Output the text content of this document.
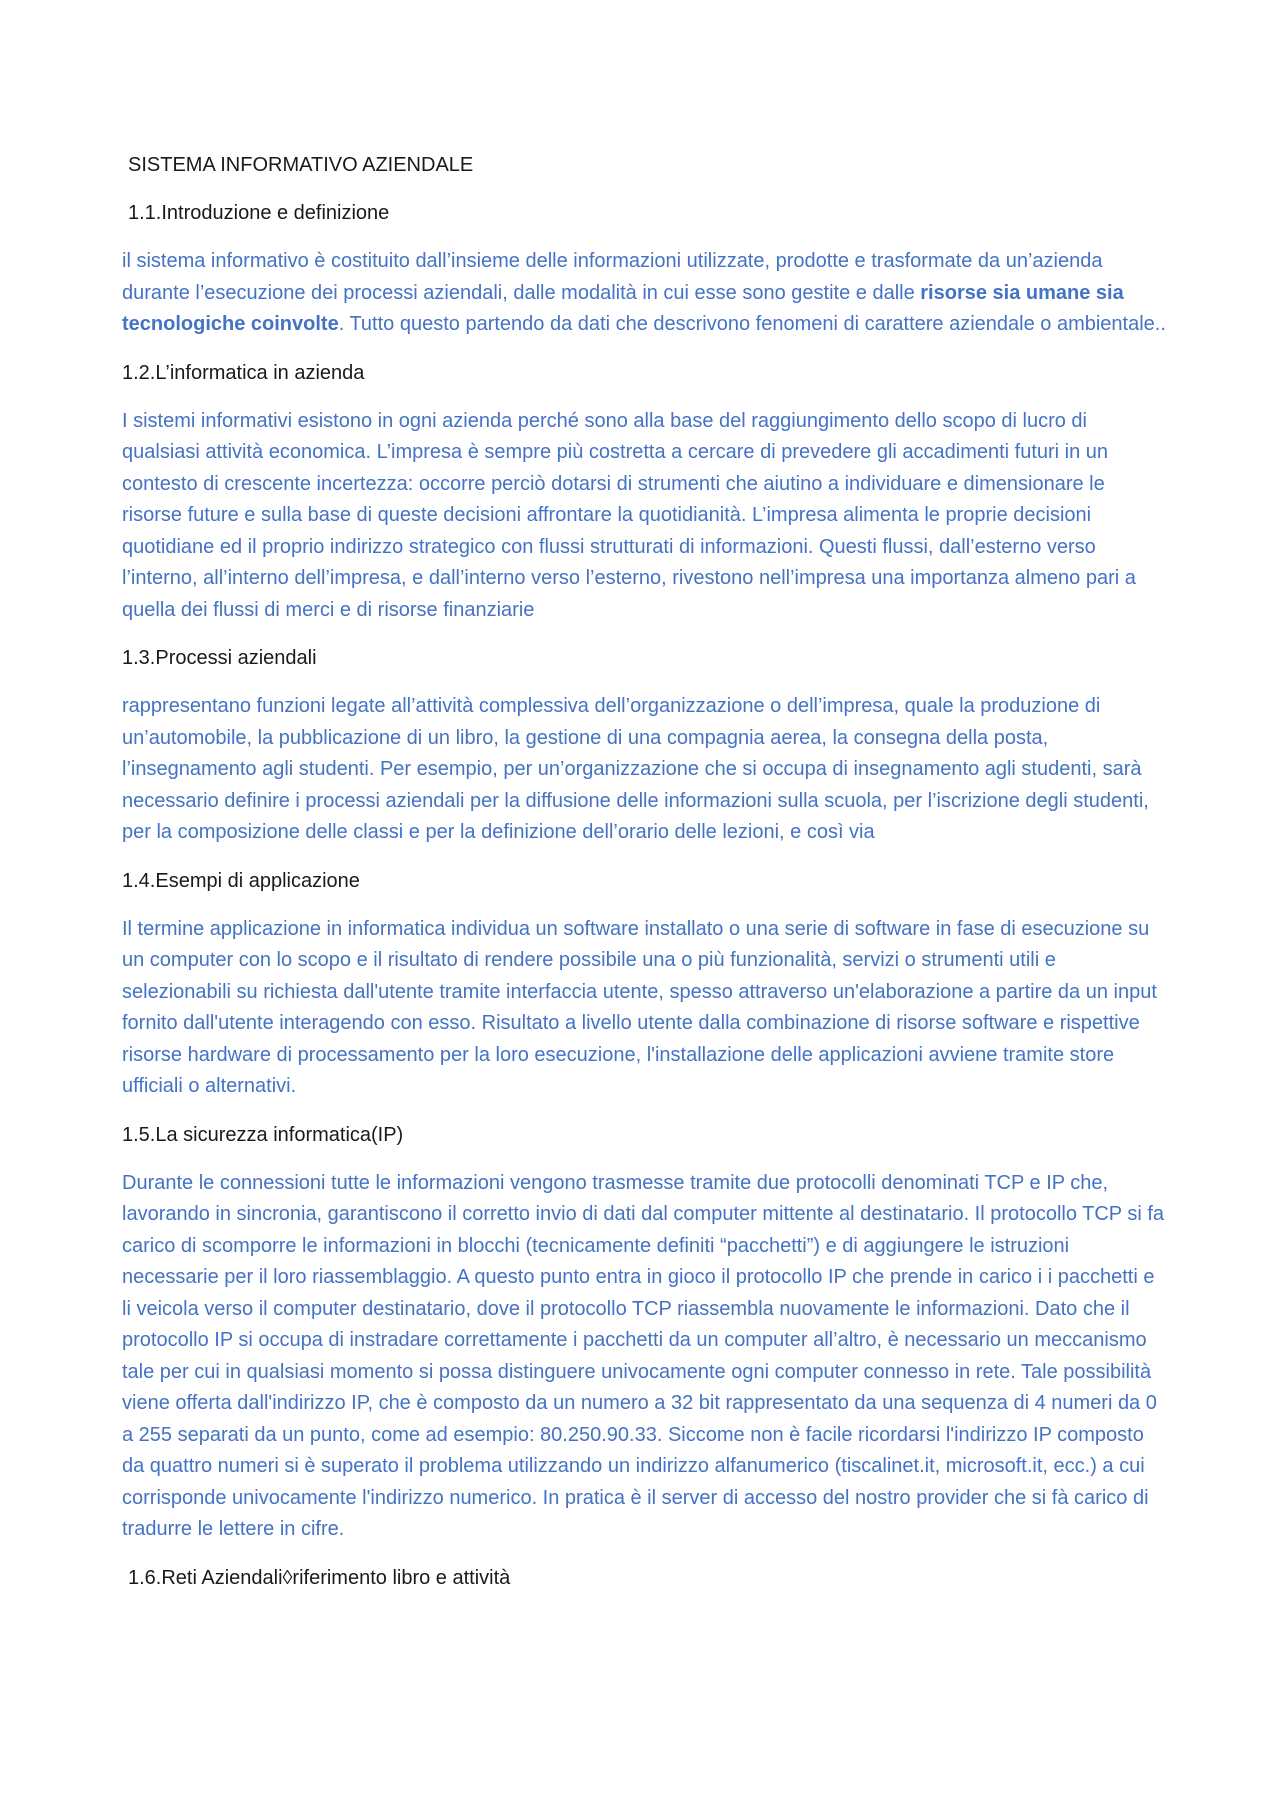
SISTEMA INFORMATIVO AZIENDALE
1.1.Introduzione e definizione
il sistema informativo è costituito dall’insieme delle informazioni utilizzate, prodotte e trasformate da un’azienda durante l’esecuzione dei processi aziendali, dalle modalità in cui esse sono gestite e dalle risorse sia umane sia tecnologiche coinvolte. Tutto questo partendo da dati che descrivono fenomeni di carattere aziendale o ambientale..
1.2.L’informatica in azienda
I sistemi informativi esistono in ogni azienda perché sono alla base del raggiungimento dello scopo di lucro di qualsiasi attività economica. L’impresa è sempre più costretta a cercare di prevedere gli accadimenti futuri in un contesto di crescente incertezza: occorre perciò dotarsi di strumenti che aiutino a individuare e dimensionare le risorse future e sulla base di queste decisioni affrontare la quotidianità. L’impresa alimenta le proprie decisioni quotidiane ed il proprio indirizzo strategico con flussi strutturati di informazioni. Questi flussi, dall’esterno verso l’interno, all’interno dell’impresa, e dall’interno verso l’esterno, rivestono nell’impresa una importanza almeno pari a quella dei flussi di merci e di risorse finanziarie
1.3.Processi aziendali
rappresentano funzioni legate all’attività complessiva dell’organizzazione o dell’impresa, quale la produzione di un’automobile, la pubblicazione di un libro, la gestione di una compagnia aerea, la consegna della posta, l’insegnamento agli studenti. Per esempio, per un’organizzazione che si occupa di insegnamento agli studenti, sarà necessario definire i processi aziendali per la diffusione delle informazioni sulla scuola, per l’iscrizione degli studenti, per la composizione delle classi e per la definizione dell’orario delle lezioni, e così via
1.4.Esempi di applicazione
Il termine applicazione in informatica individua un software installato o una serie di software in fase di esecuzione su un computer con lo scopo e il risultato di rendere possibile una o più funzionalità, servizi o strumenti utili e selezionabili su richiesta dall'utente tramite interfaccia utente, spesso attraverso un'elaborazione a partire da un input fornito dall'utente interagendo con esso. Risultato a livello utente dalla combinazione di risorse software e rispettive risorse hardware di processamento per la loro esecuzione, l'installazione delle applicazioni avviene tramite store ufficiali o alternativi.
1.5.La sicurezza informatica(IP)
Durante le connessioni tutte le informazioni vengono trasmesse tramite due protocolli denominati TCP e IP che, lavorando in sincronia, garantiscono il corretto invio di dati dal computer mittente al destinatario. Il protocollo TCP si fa carico di scomporre le informazioni in blocchi (tecnicamente definiti “pacchetti”) e di aggiungere le istruzioni necessarie per il loro riassemblaggio. A questo punto entra in gioco il protocollo IP che prende in carico i i pacchetti e li veicola verso il computer destinatario, dove il protocollo TCP riassembla nuovamente le informazioni. Dato che il protocollo IP si occupa di instradare correttamente i pacchetti da un computer all’altro, è necessario un meccanismo tale per cui in qualsiasi momento si possa distinguere univocamente ogni computer connesso in rete. Tale possibilità viene offerta dall'indirizzo IP, che è composto da un numero a 32 bit rappresentato da una sequenza di 4 numeri da 0 a 255 separati da un punto, come ad esempio: 80.250.90.33. Siccome non è facile ricordarsi l'indirizzo IP composto da quattro numeri si è superato il problema utilizzando un indirizzo alfanumerico (tiscalinet.it, microsoft.it, ecc.) a cui corrisponde univocamente l'indirizzo numerico. In pratica è il server di accesso del nostro provider che si fà carico di tradurre le lettere in cifre.
1.6.Reti Aziendali◊riferimento libro e attività
